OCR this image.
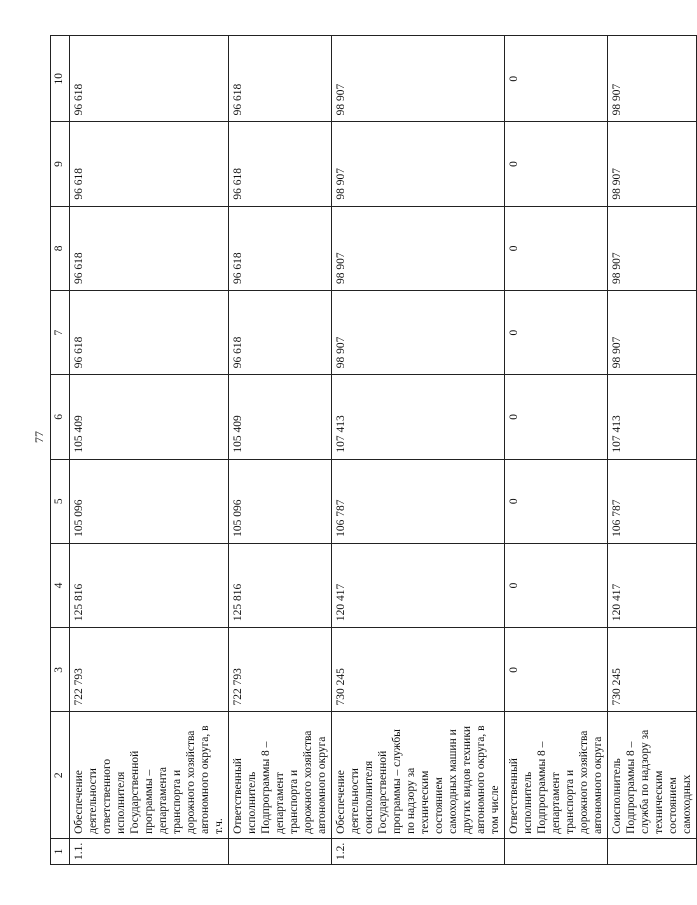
77
1	2	3	4	5	6	7	8	9	10
1.1.	Обеспечение деятельности ответственного исполнителя Государственной программы – департамента транспорта и дорожного хозяйства автономного округа, в т.ч.	722 793	125 816	105 096	105 409	96 618	96 618	96 618	96 618
	Ответственный исполнитель Подпрограммы 8 – департамент транспорта и дорожного хозяйства автономного округа	722 793	125 816	105 096	105 409	96 618	96 618	96 618	96 618
1.2.	Обеспечение деятельности соисполнителя Государственной программы – службы по надзору за техническим состоянием самоходных машин и других видов техники автономного округа, в том числе	730 245	120 417	106 787	107 413	98 907	98 907	98 907	98 907
	Ответственный исполнитель Подпрограммы 8 – департамент транспорта и дорожного хозяйства автономного округа	0	0	0	0	0	0	0	0
	Соисполнитель Подпрограммы 8 – служба по надзору за техническим состоянием самоходных	730 245	120 417	106 787	107 413	98 907	98 907	98 907	98 907
